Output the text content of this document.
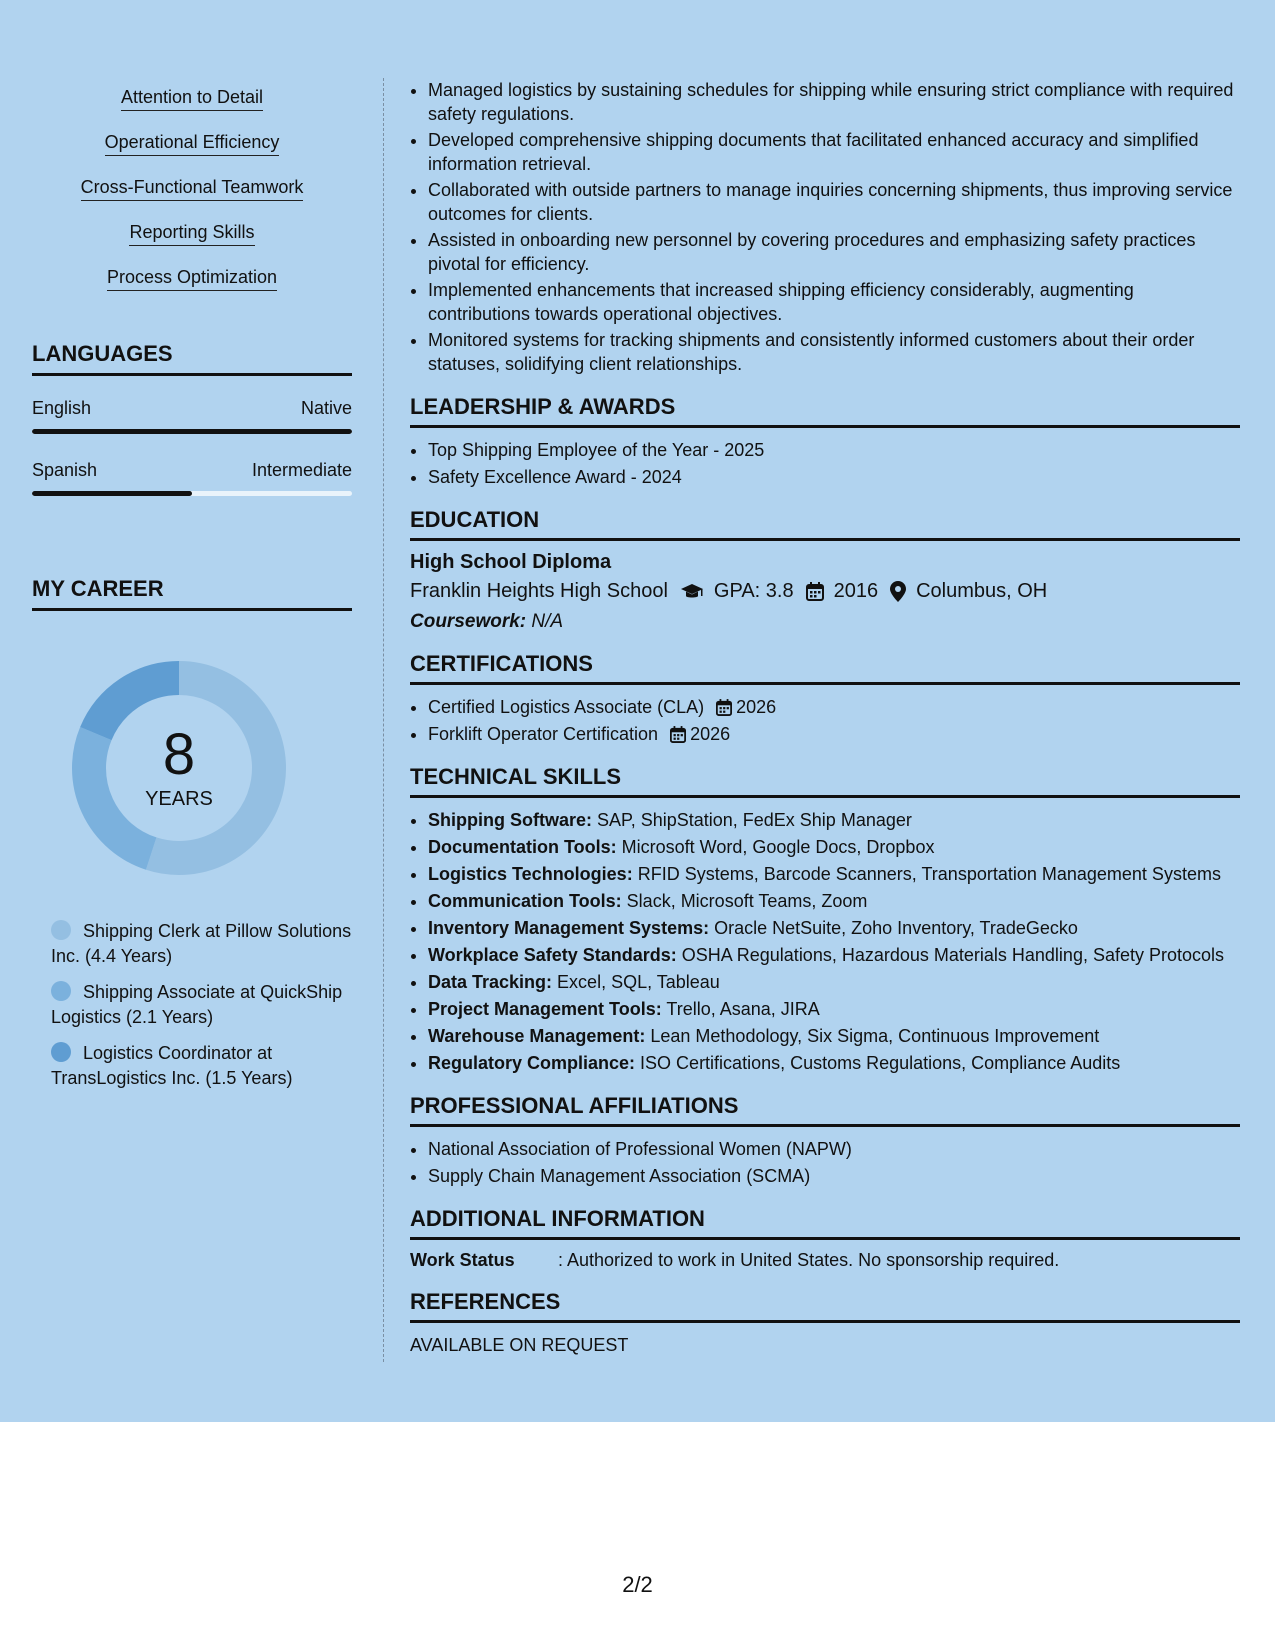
Attention to Detail
Operational Efficiency
Cross-Functional Teamwork
Reporting Skills
Process Optimization
LANGUAGES
English	Native
Spanish	Intermediate
MY CAREER
8
YEARS
Shipping Clerk at Pillow Solutions Inc. (4.4 Years)
Shipping Associate at QuickShip Logistics (2.1 Years)
Logistics Coordinator at TransLogistics Inc. (1.5 Years)
• Managed logistics by sustaining schedules for shipping while ensuring strict compliance with required safety regulations.
• Developed comprehensive shipping documents that facilitated enhanced accuracy and simplified information retrieval.
• Collaborated with outside partners to manage inquiries concerning shipments, thus improving service outcomes for clients.
• Assisted in onboarding new personnel by covering procedures and emphasizing safety practices pivotal for efficiency.
• Implemented enhancements that increased shipping efficiency considerably, augmenting contributions towards operational objectives.
• Monitored systems for tracking shipments and consistently informed customers about their order statuses, solidifying client relationships.
LEADERSHIP & AWARDS
• Top Shipping Employee of the Year - 2025
• Safety Excellence Award - 2024
EDUCATION
High School Diploma
Franklin Heights High School GPA: 3.8 2016 Columbus, OH
Coursework: N/A
CERTIFICATIONS
• Certified Logistics Associate (CLA) 2026
• Forklift Operator Certification 2026
TECHNICAL SKILLS
• Shipping Software: SAP, ShipStation, FedEx Ship Manager
• Documentation Tools: Microsoft Word, Google Docs, Dropbox
• Logistics Technologies: RFID Systems, Barcode Scanners, Transportation Management Systems
• Communication Tools: Slack, Microsoft Teams, Zoom
• Inventory Management Systems: Oracle NetSuite, Zoho Inventory, TradeGecko
• Workplace Safety Standards: OSHA Regulations, Hazardous Materials Handling, Safety Protocols
• Data Tracking: Excel, SQL, Tableau
• Project Management Tools: Trello, Asana, JIRA
• Warehouse Management: Lean Methodology, Six Sigma, Continuous Improvement
• Regulatory Compliance: ISO Certifications, Customs Regulations, Compliance Audits
PROFESSIONAL AFFILIATIONS
• National Association of Professional Women (NAPW)
• Supply Chain Management Association (SCMA)
ADDITIONAL INFORMATION
Work Status	: Authorized to work in United States. No sponsorship required.
REFERENCES
AVAILABLE ON REQUEST
2/2
